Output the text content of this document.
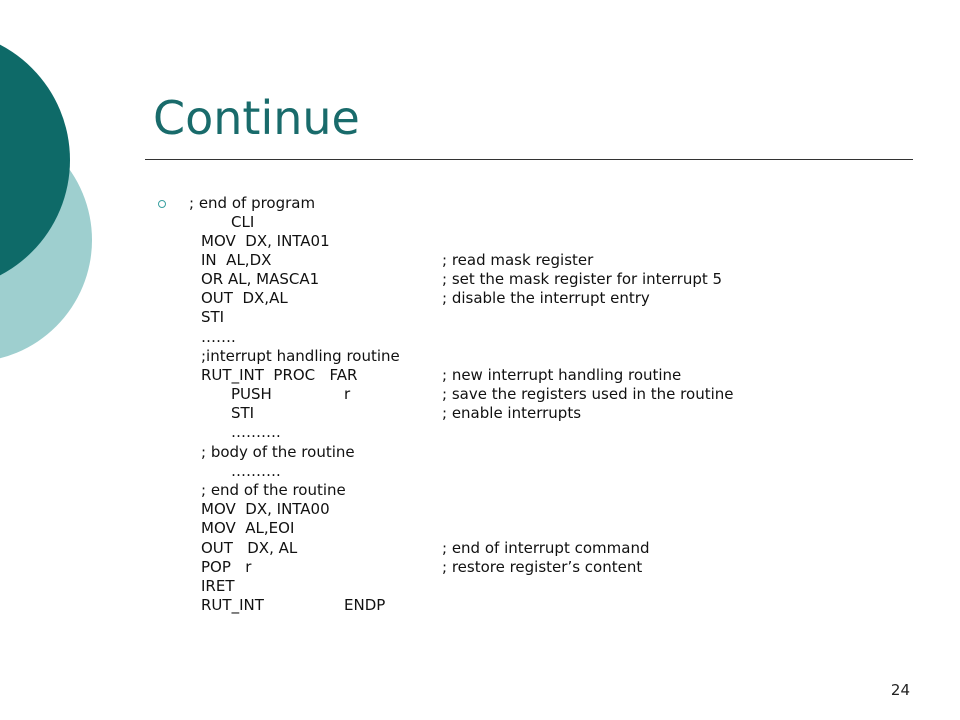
Continue
; end of program
CLI
MOV  DX, INTA01
IN  AL,DX	; read mask register
OR AL, MASCA1	; set the mask register for interrupt 5
OUT  DX,AL	; disable the interrupt entry
STI
…….
;interrupt handling routine
RUT_INT  PROC   FAR	; new interrupt handling routine
PUSH	r	; save the registers used in the routine
STI	; enable interrupts
……….
; body of the routine
……….
; end of the routine
MOV  DX, INTA00
MOV  AL,EOI
OUT   DX, AL	; end of interrupt command
POP   r	; restore register’s content
IRET
RUT_INT	ENDP
24
